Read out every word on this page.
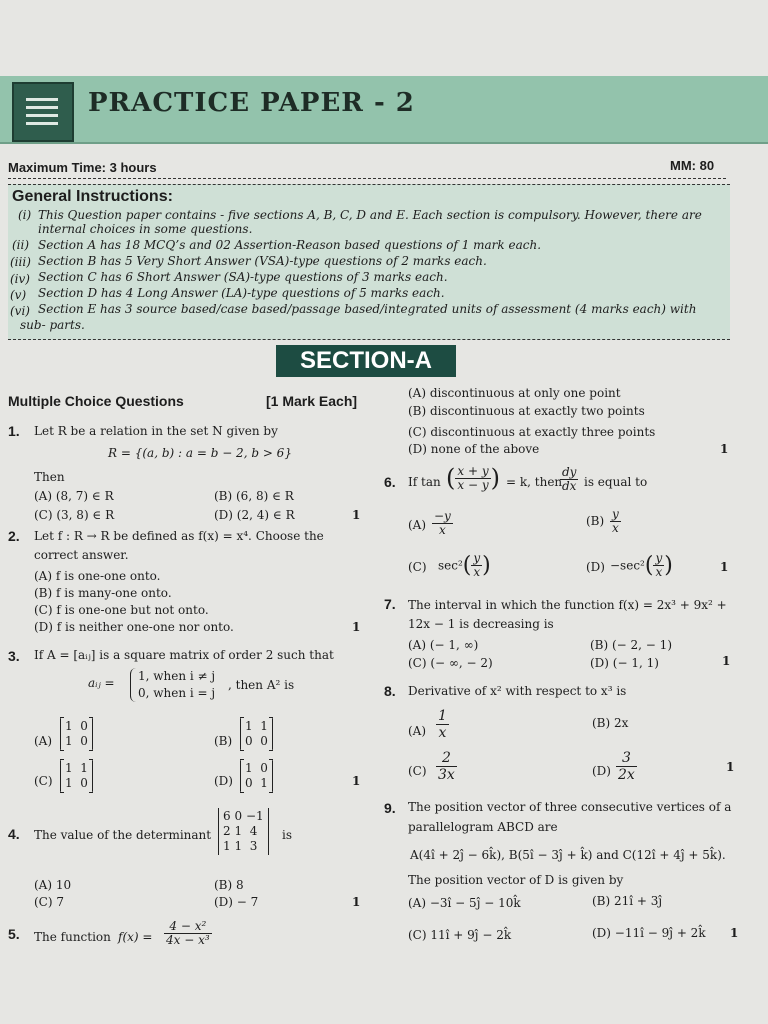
PRACTICE PAPER - 2
Maximum Time: 3 hours	MM: 80
General Instructions:
(i) This Question paper contains - five sections A, B, C, D and E. Each section is compulsory. However, there are
internal choices in some questions.
(ii) Section A has 18 MCQ’s and 02 Assertion-Reason based questions of 1 mark each.
(iii) Section B has 5 Very Short Answer (VSA)-type questions of 2 marks each.
(iv) Section C has 6 Short Answer (SA)-type questions of 3 marks each.
(v) Section D has 4 Long Answer (LA)-type questions of 5 marks each.
(vi) Section E has 3 source based/case based/passage based/integrated units of assessment (4 marks each) with
sub- parts.
SECTION-A
Multiple Choice Questions	[1 Mark Each]
1. Let R be a relation in the set N given by
R = {(a, b) : a = b − 2, b > 6}
Then
(A) (8, 7) ∈ R	(B) (6, 8) ∈ R
(C) (3, 8) ∈ R	(D) (2, 4) ∈ R	1
2. Let f : R → R be defined as f(x) = x⁴. Choose the
correct answer.
(A) f is one-one onto.
(B) f is many-one onto.
(C) f is one-one but not onto.
(D) f is neither one-one nor onto.	1
3. If A = [aᵢⱼ] is a square matrix of order 2 such that
aᵢⱼ = 1, when i ≠ j
0, when i = j
, then A² is
(A)
1 0
1 0	(B)
1 1
0 0
(C)
1 1
1 0	(D)
1 0
0 1	1
4. The value of the determinant
6 0 −1
2 1 4
1 1 3
is
(A) 10	(B) 8
(C) 7	(D) − 7	1
5. The function $f(x) = \frac{\text{4 − x²}}{\text{4x − x³}}$
(A) discontinuous at only one point
(B) discontinuous at exactly two points
(C) discontinuous at exactly three points
(D) none of the above	1
6. If tan ( $\frac{x + y}{x - y}$ ) = k, then
$\frac{dy}{dx}$ is equal to
$(A) \frac{-y}{x}$	$(B) \frac{y}{x}$
(C) $\sec^2( \frac{y}{x}$ )	$(D) -\sec^2( \frac{y}{x}$ )	1
7. The interval in which the function f(x) = 2x³ + 9x² +
12x − 1 is decreasing is
(A) (− 1, ∞)	(B) (− 2, − 1)
(C) (− ∞, − 2)	(D) (− 1, 1)	1
8. Derivative of x² with respect to x³ is
$(A) \frac{1}{x}$	(B) 2x
$(C) \frac{2}{3x}$	$(D) \frac{3}{2x}$	1
9. The position vector of three consecutive vertices of a
parallelogram ABCD are
A(4î + 2ĵ − 6k̂), B(5î − 3ĵ + k̂) and C(12î + 4ĵ + 5k̂).
The position vector of D is given by
(A) −3î − 5ĵ − 10k̂	(B) 21î + 3ĵ
(C) 11î + 9ĵ − 2k̂	(D) −11î − 9ĵ + 2k̂ 1
